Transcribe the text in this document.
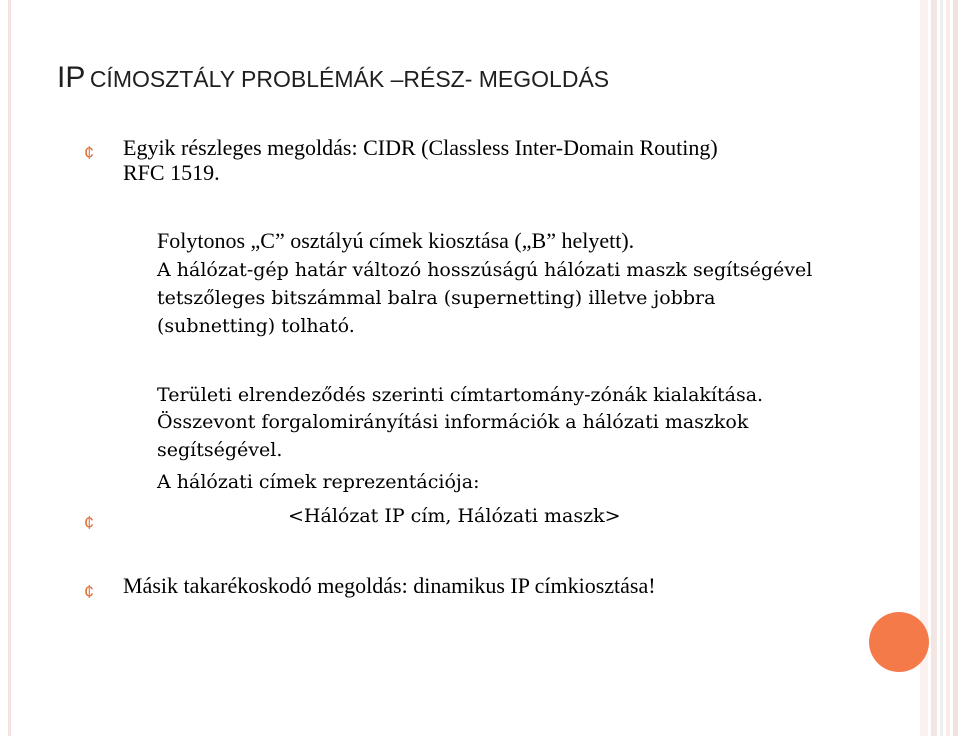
IP CÍMOSZTÁLY PROBLÉMÁK –RÉSZ- MEGOLDÁS
¢ Egyik részleges megoldás: CIDR (Classless Inter-Domain Routing)
RFC 1519.
Folytonos „C” osztályú címek kiosztása („B” helyett).
A hálózat-gép határ változó hosszúságú hálózati maszk segítségével
tetszőleges bitszámmal balra (supernetting) illetve jobbra
(subnetting) tolható.
Területi elrendeződés szerinti címtartomány-zónák kialakítása.
Összevont forgalomirányítási információk a hálózati maszkok
segítségével.
A hálózati címek reprezentációja:
¢	<Hálózat IP cím, Hálózati maszk>
¢ Másik takarékoskodó megoldás: dinamikus IP címkiosztása!
